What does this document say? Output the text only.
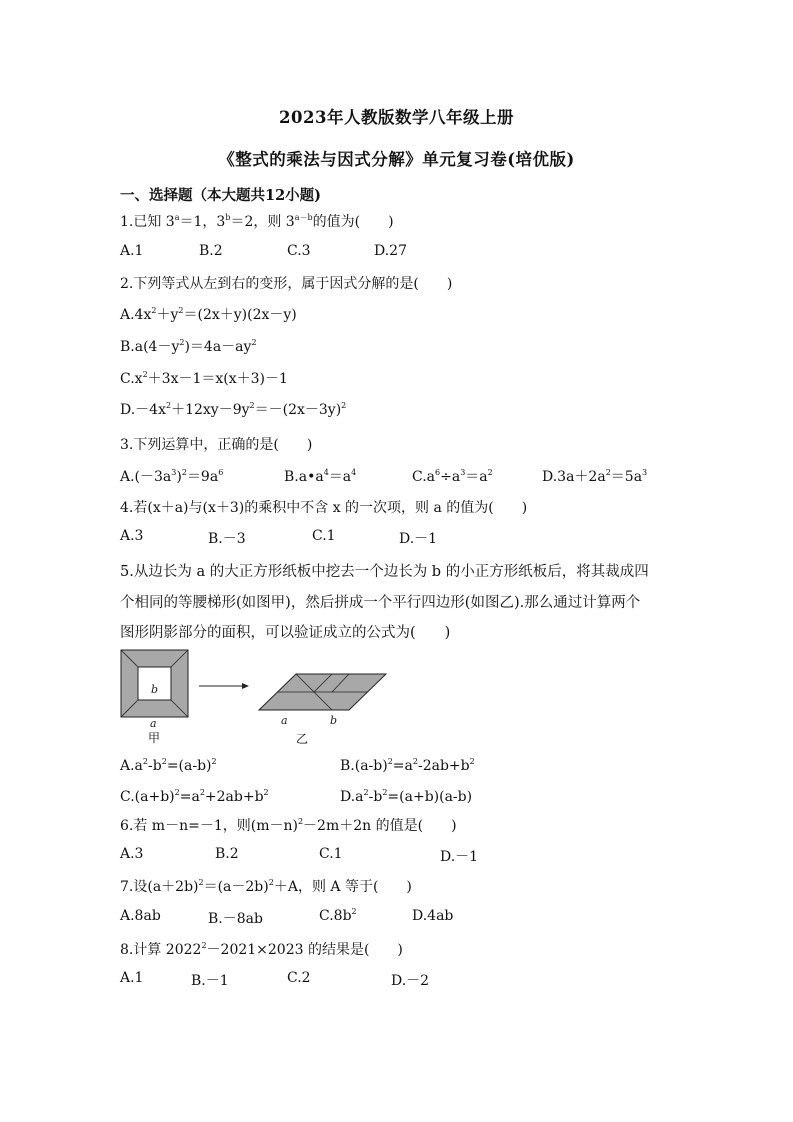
2023年人教版数学八年级上册
《整式的乘法与因式分解》单元复习卷(培优版)
一、选择题（本大题共12小题)
1.已知 $3^a=1$，$3^b=2$，则 $3^{a-b}$的值为(　　)
A.1	B.2	C.3	D.27
2.下列等式从左到右的变形，属于因式分解的是(　　)
$A.4x^2+y^2=(2x+y)(2x-y)$
$B.a(4-y^2)=4a-ay^2$
$C.x^2+3x-1=x(x+3)-1$
$D.-4x^2+12xy-9y^2=-(2x-3y)^2$
3.下列运算中，正确的是(　　)
$A.(-3a^3)^2=9a^6$	$B.a•a^4=a^4$	$C.a^6\div a^3=a^2$	$D.3a+2a^2=5a^3$
4.若(x＋a)与(x＋3)的乘积中不含 x 的一次项，则 a 的值为(　　)
A.3	B.－3	C.1	D.－1
5.从边长为 a 的大正方形纸板中挖去一个边长为 b 的小正方形纸板后，将其裁成四
个相同的等腰梯形(如图甲)，然后拼成一个平行四边形(如图乙).那么通过计算两个
图形阴影部分的面积，可以验证成立的公式为(　　)
b
a
甲
a	b
乙
$A.a^2-b^2=(a-b)^2$	$B.(a-b)^2=a^2-2ab+b^2$
$C.(a+b)^2=a^2+2ab+b^2$	$D.a^2-b^2=(a+b)(a-b)$
6.若 m－n=－1，则$(m-n)^2-2m+2n$ 的值是(　　)
A.3	B.2	C.1	D.－1
7.设$(a+2b)^2=(a-2b)^2+A$，则 A 等于(　　)
A.8ab	B.－8ab	$C.8b^2$	D.4ab
8.计算 $2022^2-2021\times 2023$ 的结果是(　　)
A.1	B.－1	C.2	D.－2
